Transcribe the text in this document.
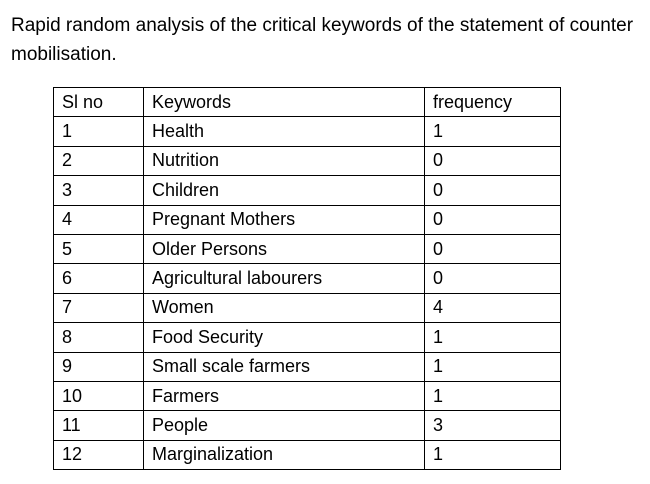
Rapid random analysis of the critical keywords of the statement of counter mobilisation.

Sl no	Keywords	frequency
1	Health	1
2	Nutrition	0
3	Children	0
4	Pregnant Mothers	0
5	Older Persons	0
6	Agricultural labourers	0
7	Women	4
8	Food Security	1
9	Small scale farmers	1
10	Farmers	1
11	People	3
12	Marginalization	1
